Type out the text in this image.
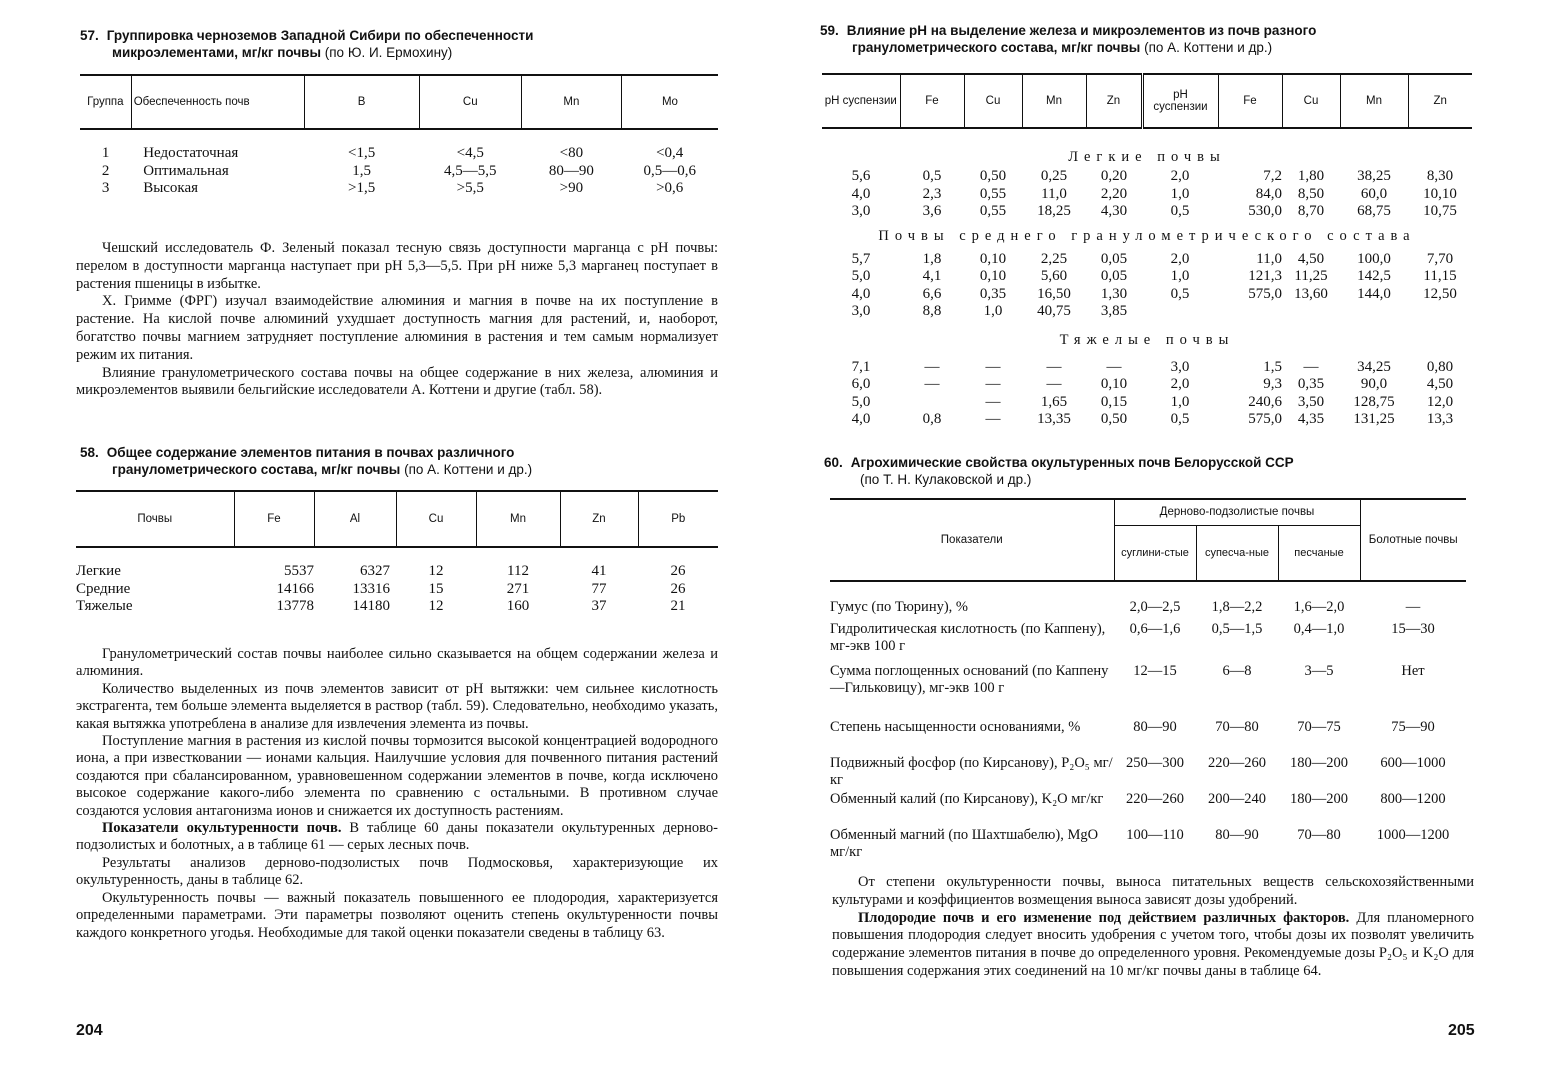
57. Группировка черноземов Западной Сибири по обеспеченности
микроэлементами, мг/кг почвы (по Ю. И. Ермохину)
Группа	Обеспеченность почв	B	Cu	Mn	Mo

1	Недостаточная	<1,5	<4,5	<80	<0,4
2	Оптимальная	1,5	4,5—5,5	80—90	0,5—0,6
3	Высокая	>1,5	>5,5	>90	>0,6

Чешский исследователь Ф. Зеленый показал тесную связь доступности марганца с рН почвы: перелом в доступности марганца наступает при рН 5,3—5,5. При рН ниже 5,3 марганец поступает в растения пшеницы в избытке.

Х. Гримме (ФРГ) изучал взаимодействие алюминия и магния в почве на их поступление в растение. На кислой почве алюминий ухудшает доступность магния для растений, и, наоборот, богатство почвы магнием затрудняет поступление алюминия в растения и тем самым нормализует режим их питания.

Влияние гранулометрического состава почвы на общее содержание в них железа, алюминия и микроэлементов выявили бельгийские исследователи А. Коттени и другие (табл. 58).

58. Общее содержание элементов питания в почвах различного
гранулометрического состава, мг/кг почвы (по А. Коттени и др.)
Почвы	Fe	Al	Cu	Mn	Zn	Pb

Легкие	5537	6327	12	112	41	26
Средние	14166	13316	15	271	77	26
Тяжелые	13778	14180	12	160	37	21

Гранулометрический состав почвы наиболее сильно сказывается на общем содержании железа и алюминия.

Количество выделенных из почв элементов зависит от рН вытяжки: чем сильнее кислотность экстрагента, тем больше элемента выделяется в раствор (табл. 59). Следовательно, необходимо указать, какая вытяжка употреблена в анализе для извлечения элемента из почвы.

Поступление магния в растения из кислой почвы тормозится высокой концентрацией водородного иона, а при известковании — ионами кальция. Наилучшие условия для почвенного питания растений создаются при сбалансированном, уравновешенном содержании элементов в почве, когда исключено высокое содержание какого-либо элемента по сравнению с остальными. В противном случае создаются условия антагонизма ионов и снижается их доступность растениям.

Показатели окультуренности почв. В таблице 60 даны показатели окультуренных дерново-подзолистых и болотных, а в таблице 61 — серых лесных почв.

Результаты анализов дерново-подзолистых почв Подмосковья, характеризующие их окультуренность, даны в таблице 62.

Окультуренность почвы — важный показатель повышенного ее плодородия, характеризуется определенными параметрами. Эти параметры позволяют оценить степень окультуренности почвы каждого конкретного угодья. Необходимые для такой оценки показатели сведены в таблицу 63.

204
59. Влияние рН на выделение железа и микроэлементов из почв разного
гранулометрического состава, мг/кг почвы (по А. Коттени и др.)
рН суспензии	Fe	Cu	Mn	Zn	рН суспензии	Fe	Cu	Mn	Zn

Легкие почвы									
5,6	0,5	0,50	0,25	0,20	2,0	7,2	1,80	38,25	8,30
4,0	2,3	0,55	11,0	2,20	1,0	84,0	8,50	60,0	10,10
3,0	3,6	0,55	18,25	4,30	0,5	530,0	8,70	68,75	10,75
Почвы среднего гранулометрического состава									
5,7	1,8	0,10	2,25	0,05	2,0	11,0	4,50	100,0	7,70
5,0	4,1	0,10	5,60	0,05	1,0	121,3	11,25	142,5	11,15
4,0	6,6	0,35	16,50	1,30	0,5	575,0	13,60	144,0	12,50
3,0	8,8	1,0	40,75	3,85					
Тяжелые почвы									
7,1	—	—	—	—	3,0	1,5	—	34,25	0,80
6,0	—	—	—	0,10	2,0	9,3	0,35	90,0	4,50
5,0		—	1,65	0,15	1,0	240,6	3,50	128,75	12,0
4,0	0,8	—	13,35	0,50	0,5	575,0	4,35	131,25	13,3
60. Агрохимические свойства окультуренных почв Белорусской ССР
(по Т. Н. Кулаковской и др.)
Показатели	Дерново-подзолистые почвы			Болотные почвы
	суглини-стые	супесча-ные	песчаные	

Гумус (по Тюрину), %	2,0—2,5	1,8—2,2	1,6—2,0	—
Гидролитическая кислотность (по Каппену), мг-экв 100 г	0,6—1,6	0,5—1,5	0,4—1,0	15—30
Сумма поглощенных оснований (по Каппену—Гильковицу), мг-экв 100 г	12—15	6—8	3—5	Нет
Степень насыщенности основаниями, %	80—90	70—80	70—75	75—90
Подвижный фосфор (по Кирсанову), P₂O₅ мг/кг	250—300	220—260	180—200	600—1000
Обменный калий (по Кирсанову), K₂O мг/кг	220—260	200—240	180—200	800—1200
Обменный магний (по Шахтшабелю), MgO мг/кг	100—110	80—90	70—80	1000—1200

От степени окультуренности почвы, выноса питательных веществ сельскохозяйственными культурами и коэффициентов возмещения выноса зависят дозы удобрений.

Плодородие почв и его изменение под действием различных факторов. Для планомерного повышения плодородия следует вносить удобрения с учетом того, чтобы дозы их позволят увеличить содержание элементов питания в почве до определенного уровня. Рекомендуемые дозы P₂O₅ и K₂O для повышения содержания этих соединений на 10 мг/кг почвы даны в таблице 64.

205
